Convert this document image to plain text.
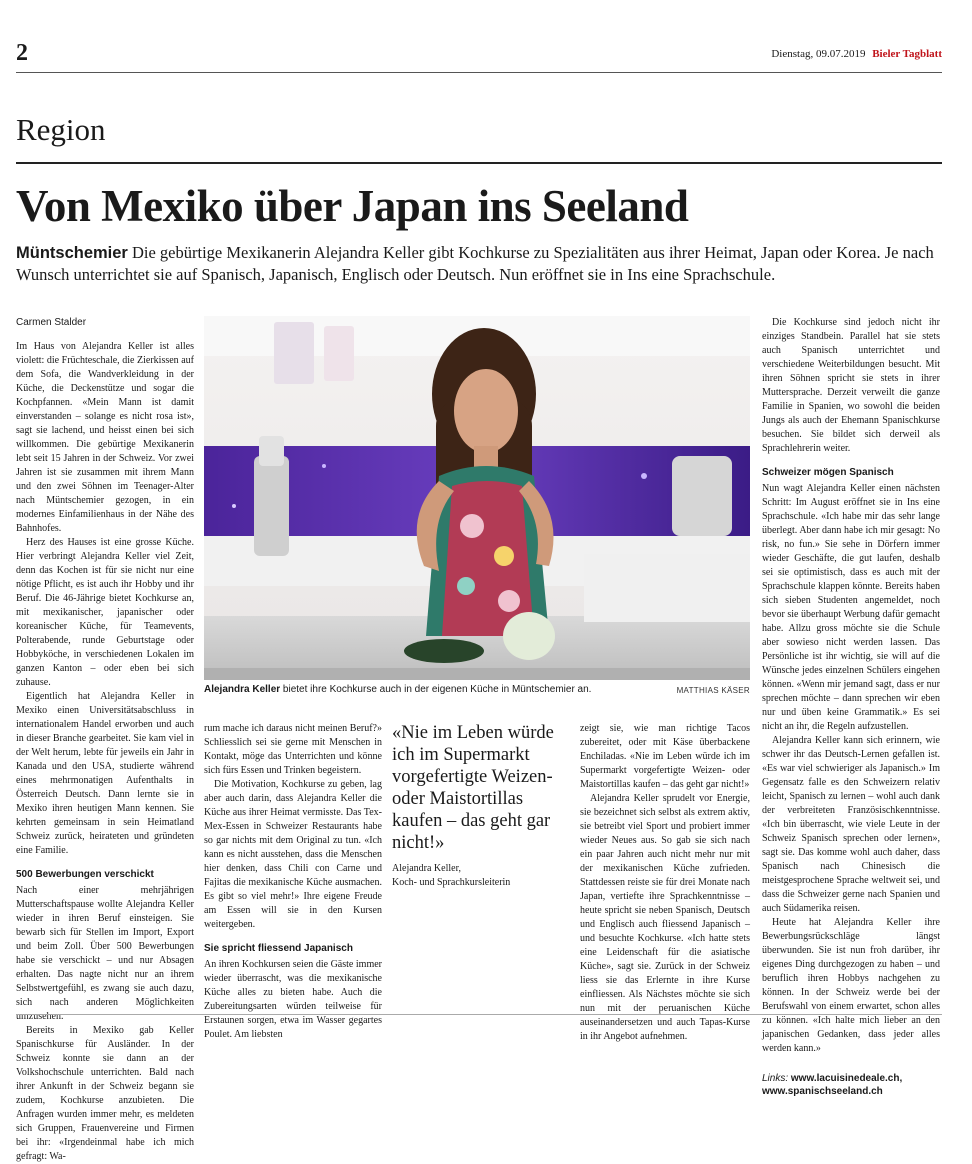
2	Dienstag, 09.07.2019 Bieler Tagblatt
Region
Von Mexiko über Japan ins Seeland
Müntschemier Die gebürtige Mexikanerin Alejandra Keller gibt Kochkurse zu Spezialitäten aus ihrer Heimat, Japan oder Korea. Je nach Wunsch unterrichtet sie auf Spanisch, Japanisch, Englisch oder Deutsch. Nun eröffnet sie in Ins eine Sprachschule.
Carmen Stalder

Im Haus von Alejandra Keller ist alles violett: die Früchteschale, die Zierkissen auf dem Sofa, die Wandverkleidung in der Küche, die Deckenstütze und sogar die Kochpfannen. «Mein Mann ist damit einverstanden – solange es nicht rosa ist», sagt sie lachend, und heisst einen bei sich willkommen. Die gebürtige Mexikanerin lebt seit 15 Jahren in der Schweiz. Vor zwei Jahren ist sie zusammen mit ihrem Mann und den zwei Söhnen im Teenager-Alter nach Müntschemier gezogen, in ein modernes Einfamilienhaus in der Nähe des Bahnhofes.

Herz des Hauses ist eine grosse Küche. Hier verbringt Alejandra Keller viel Zeit, denn das Kochen ist für sie nicht nur eine nötige Pflicht, es ist auch ihr Hobby und ihr Beruf. Die 46-Jährige bietet Kochkurse an, mit mexikanischer, japanischer oder koreanischer Küche, für Teamevents, Polterabende, runde Geburtstage oder Hobbyköche, in verschiedenen Lokalen im ganzen Kanton – oder eben bei sich zuhause.

Eigentlich hat Alejandra Keller in Mexiko einen Universitätsabschluss in internationalem Handel erworben und auch in dieser Branche gearbeitet. Sie kam viel in der Welt herum, lebte für jeweils ein Jahr in Kanada und den USA, studierte während eines mehrmonatigen Aufenthalts in Österreich Deutsch. Dann lernte sie in Mexiko ihren heutigen Mann kennen. Sie kehrten gemeinsam in sein Heimatland Schweiz zurück, heirateten und gründeten eine Familie.

500 Bewerbungen verschickt

Nach einer mehrjährigen Mutterschaftspause wollte Alejandra Keller wieder in ihren Beruf einsteigen. Sie bewarb sich für Stellen im Import, Export und beim Zoll. Über 500 Bewerbungen habe sie verschickt – und nur Absagen erhalten. Das nagte nicht nur an ihrem Selbstwertgefühl, es zwang sie auch dazu, sich nach anderen Möglichkeiten umzusehen.

Bereits in Mexiko gab Keller Spanischkurse für Ausländer. In der Schweiz konnte sie dann an der Volkshochschule unterrichten. Bald nach ihrer Ankunft in der Schweiz begann sie zudem, Kochkurse anzubieten. Die Anfragen wurden immer mehr, es meldeten sich Gruppen, Frauenvereine und Firmen bei ihr: «Irgendeinmal habe ich mich gefragt: Wa-

Alejandra Keller bietet ihre Kochkurse auch in der eigenen Küche in Müntschemier an.	MATTHIAS KÄSER

rum mache ich daraus nicht meinen Beruf?» Schliesslich sei sie gerne mit Menschen in Kontakt, möge das Unterrichten und könne sich fürs Essen und Trinken begeistern.

Die Motivation, Kochkurse zu geben, lag aber auch darin, dass Alejandra Keller die Küche aus ihrer Heimat vermisste. Das Tex-Mex-Essen in Schweizer Restaurants habe so gar nichts mit dem Original zu tun. «Ich kann es nicht ausstehen, dass die Menschen hier denken, dass Chili con Carne und Fajitas die mexikanische Küche ausmachen. Es gibt so viel mehr!» Ihre eigene Freude am Essen will sie in den Kursen weitergeben.

Sie spricht fliessend Japanisch

An ihren Kochkursen seien die Gäste immer wieder überrascht, was die mexikanische Küche alles zu bieten habe. Auch die Zubereitungsarten würden teilweise für Erstaunen sorgen, etwa im Wasser gegartes Poulet. Am liebsten

«Nie im Leben würde ich im Supermarkt vorgefertigte Weizen- oder Maistortillas kaufen – das geht gar nicht!»
Alejandra Keller,
Koch- und Sprachkursleiterin

zeigt sie, wie man richtige Tacos zubereitet, oder mit Käse überbackene Enchiladas. «Nie im Leben würde ich im Supermarkt vorgefertigte Weizen- oder Maistortillas kaufen – das geht gar nicht!»

Alejandra Keller sprudelt vor Energie, sie bezeichnet sich selbst als extrem aktiv, sie betreibt viel Sport und probiert immer wieder Neues aus. So gab sie sich nach ein paar Jahren auch nicht mehr nur mit der mexikanischen Küche zufrieden. Stattdessen reiste sie für drei Monate nach Japan, vertiefte ihre Sprachkenntnisse – heute spricht sie neben Spanisch, Deutsch und Englisch auch fliessend Japanisch – und besuchte Kochkurse. «Ich hatte stets eine Leidenschaft für die asiatische Küche», sagt sie. Zurück in der Schweiz liess sie das Erlernte in ihre Kurse einfliessen. Als Nächstes möchte sie sich nun mit der peruanischen Küche auseinandersetzen und auch Tapas-Kurse in ihr Angebot aufnehmen.

Die Kochkurse sind jedoch nicht ihr einziges Standbein. Parallel hat sie stets auch Spanisch unterrichtet und verschiedene Weiterbildungen besucht. Mit ihren Söhnen spricht sie stets in ihrer Muttersprache. Derzeit verweilt die ganze Familie in Spanien, wo sowohl die beiden Jungs als auch der Ehemann Spanischkurse besuchen. Sie bildet sich derweil als Sprachlehrerin weiter.

Schweizer mögen Spanisch

Nun wagt Alejandra Keller einen nächsten Schritt: Im August eröffnet sie in Ins eine Sprachschule. «Ich habe mir das sehr lange überlegt. Aber dann habe ich mir gesagt: No risk, no fun.» Sie sehe in Dörfern immer wieder Geschäfte, die gut laufen, deshalb sei sie optimistisch, dass es auch mit der Sprachschule klappen könnte. Bereits haben sich sieben Studenten angemeldet, noch bevor sie überhaupt Werbung dafür gemacht habe. Allzu gross möchte sie die Schule aber sowieso nicht werden lassen. Das Persönliche ist ihr wichtig, sie will auf die Wünsche jedes einzelnen Schülers eingehen können. «Wenn mir jemand sagt, dass er nur sprechen möchte – dann sprechen wir eben nur und üben keine Grammatik.» Es sei nicht an ihr, die Regeln aufzustellen.

Alejandra Keller kann sich erinnern, wie schwer ihr das Deutsch-Lernen gefallen ist. «Es war viel schwieriger als Japanisch.» Im Gegensatz falle es den Schweizern relativ leicht, Spanisch zu lernen – wohl auch dank der verbreiteten Französischkenntnisse. «Ich bin überrascht, wie viele Leute in der Schweiz Spanisch sprechen oder lernen», sagt sie. Das komme wohl auch daher, dass Spanisch nach Chinesisch die meistgesprochene Sprache weltweit sei, und dass die Schweizer gerne nach Spanien und auch Südamerika reisen.

Heute hat Alejandra Keller ihre Bewerbungsrückschläge längst überwunden. Sie ist nun froh darüber, ihr eigenes Ding durchgezogen zu haben – und beruflich ihren Hobbys nachgehen zu können. In der Schweiz werde bei der Berufswahl von einem erwartet, schon alles zu können. «Ich halte mich lieber an den japanischen Gedanken, dass jeder alles werden kann.»

Links: www.lacuisinedeale.ch,
www.spanischseeland.ch
